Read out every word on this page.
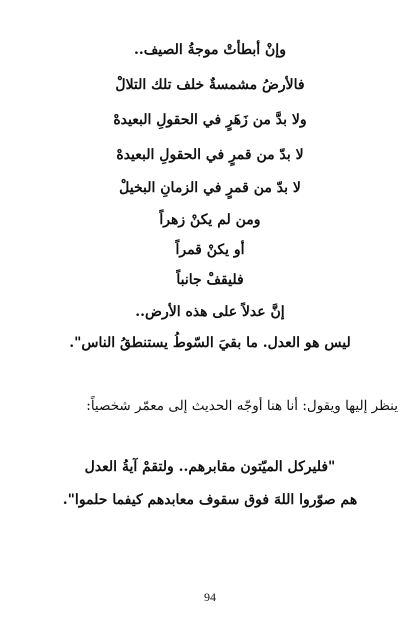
وإنْ أبطأتْ موجةُ الصيف..
فالأرضُ مشمسةٌ خلف تلك التلالْ
ولا بدَّ من زَهَرٍ في الحقولِ البعيدهْ
لا بدّ من قمرٍ في الحقولِ البعيدهْ
لا بدّ من قمرٍ في الزمانِ البخيلْ
ومن لم يكنْ زهراً
أو يكنْ قمراً
فليقفْ جانباً
إنَّ عدلاً على هذه الأرض..
ليس هو العدل. ما بقيَ السّوطُ يستنطقُ الناس".
ينظر إليها ويقول: أنا هنا أوجّه الحديث إلى معمّر شخصياً:
"فليركل الميّتون مقابرهم.. ولتقمْ آيةُ العدل
هم صوّروا اللهَ فوق سقوف معابدهم كيفما حلموا".
94
